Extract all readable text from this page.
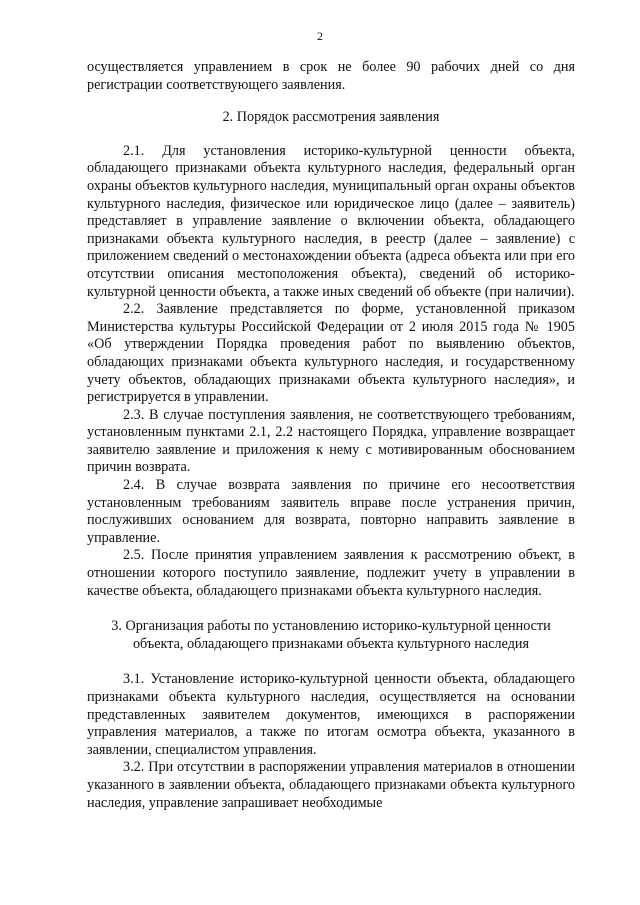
2

осуществляется управлением в срок не более 90 рабочих дней со дня регистрации соответствующего заявления.

2. Порядок рассмотрения заявления

2.1. Для установления историко-культурной ценности объекта, обладающего признаками объекта культурного наследия, федеральный орган охраны объектов культурного наследия, муниципальный орган охраны объектов культурного наследия, физическое или юридическое лицо (далее – заявитель) представляет в управление заявление о включении объекта, обладающего признаками объекта культурного наследия, в реестр (далее – заявление) с приложением сведений о местонахождении объекта (адреса объекта или при его отсутствии описания местоположения объекта), сведений об историко-культурной ценности объекта, а также иных сведений об объекте (при наличии).

2.2. Заявление представляется по форме, установленной приказом Министерства культуры Российской Федерации от 2 июля 2015 года № 1905 «Об утверждении Порядка проведения работ по выявлению объектов, обладающих признаками объекта культурного наследия, и государственному учету объектов, обладающих признаками объекта культурного наследия», и регистрируется в управлении.

2.3. В случае поступления заявления, не соответствующего требованиям, установленным пунктами 2.1, 2.2 настоящего Порядка, управление возвращает заявителю заявление и приложения к нему с мотивированным обоснованием причин возврата.

2.4. В случае возврата заявления по причине его несоответствия установленным требованиям заявитель вправе после устранения причин, послуживших основанием для возврата, повторно направить заявление в управление.

2.5. После принятия управлением заявления к рассмотрению объект, в отношении которого поступило заявление, подлежит учету в управлении в качестве объекта, обладающего признаками объекта культурного наследия.

3. Организация работы по установлению историко-культурной ценности
объекта, обладающего признаками объекта культурного наследия

3.1. Установление историко-культурной ценности объекта, обладающего признаками объекта культурного наследия, осуществляется на основании представленных заявителем документов, имеющихся в распоряжении управления материалов, а также по итогам осмотра объекта, указанного в заявлении, специалистом управления.

3.2. При отсутствии в распоряжении управления материалов в отношении указанного в заявлении объекта, обладающего признаками объекта культурного наследия, управление запрашивает необходимые
